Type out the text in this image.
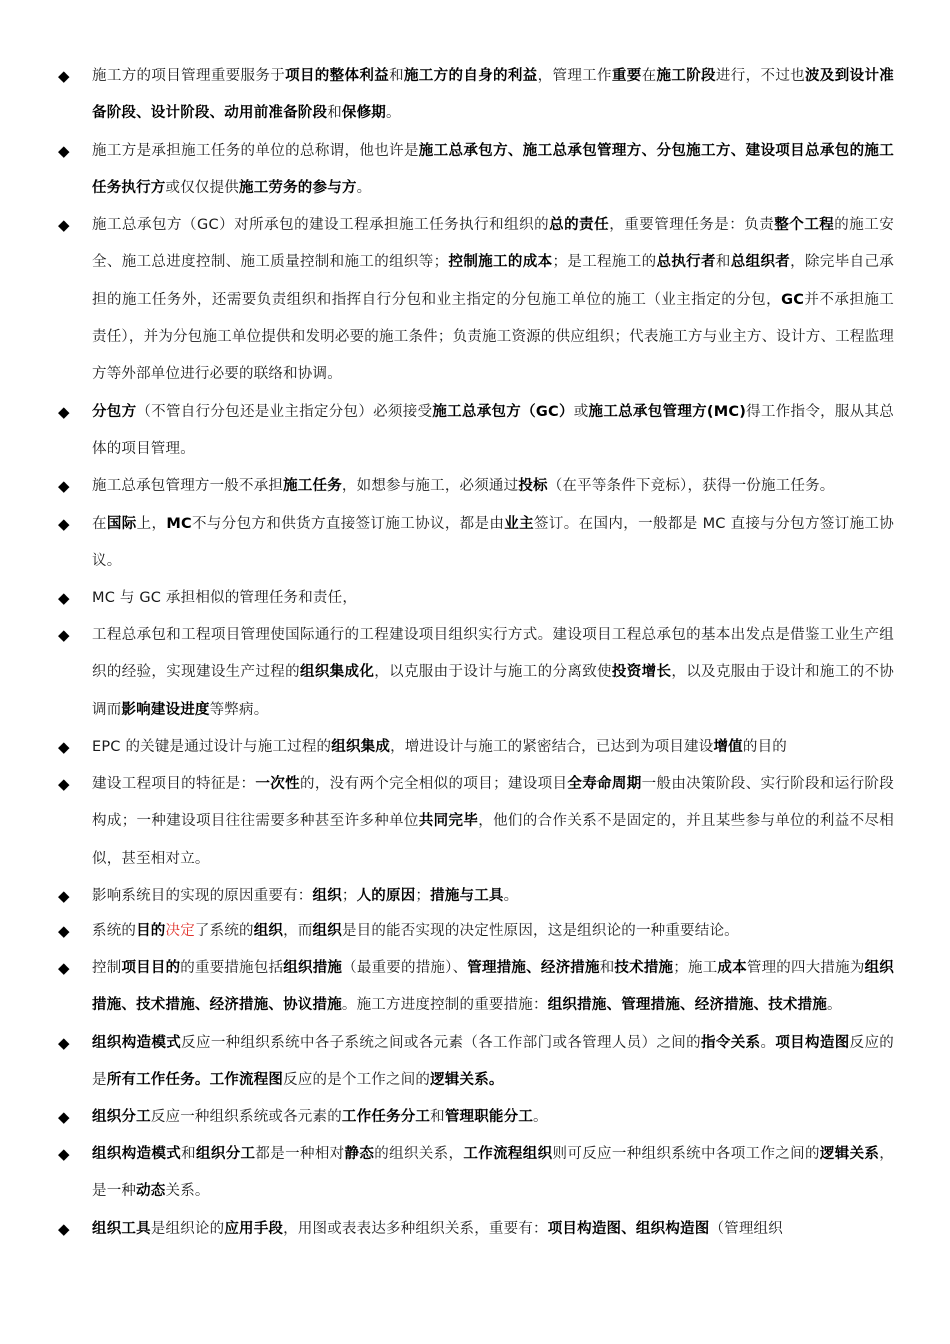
◆ 施工方的项目管理重要服务于项目的整体利益和施工方的自身的利益，管理工作重要在施工阶段进行，不过也波及到设计准备阶段、设计阶段、动用前准备阶段和保修期。
◆ 施工方是承担施工任务的单位的总称谓，他也许是施工总承包方、施工总承包管理方、分包施工方、建设项目总承包的施工任务执行方或仅仅提供施工劳务的参与方。
◆ 施工总承包方（GC）对所承包的建设工程承担施工任务执行和组织的总的责任，重要管理任务是：负责整个工程的施工安全、施工总进度控制、施工质量控制和施工的组织等；控制施工的成本；是工程施工的总执行者和总组织者，除完毕自己承担的施工任务外，还需要负责组织和指挥自行分包和业主指定的分包施工单位的施工（业主指定的分包，GC并不承担施工责任），并为分包施工单位提供和发明必要的施工条件；负责施工资源的供应组织；代表施工方与业主方、设计方、工程监理方等外部单位进行必要的联络和协调。
◆ 分包方（不管自行分包还是业主指定分包）必须接受施工总承包方（GC）或施工总承包管理方(MC)得工作指令，服从其总体的项目管理。
◆ 施工总承包管理方一般不承担施工任务，如想参与施工，必须通过投标（在平等条件下竞标），获得一份施工任务。
◆ 在国际上，MC不与分包方和供货方直接签订施工协议，都是由业主签订。在国内，一般都是 MC 直接与分包方签订施工协议。
◆ MC 与 GC 承担相似的管理任务和责任，
◆ 工程总承包和工程项目管理使国际通行的工程建设项目组织实行方式。建设项目工程总承包的基本出发点是借鉴工业生产组织的经验，实现建设生产过程的组织集成化，以克服由于设计与施工的分离致使投资增长，以及克服由于设计和施工的不协调而影响建设进度等弊病。
◆ EPC 的关键是通过设计与施工过程的组织集成，增进设计与施工的紧密结合，已达到为项目建设增值的目的
◆ 建设工程项目的特征是：一次性的，没有两个完全相似的项目；建设项目全寿命周期一般由决策阶段、实行阶段和运行阶段构成；一种建设项目往往需要多种甚至许多种单位共同完毕，他们的合作关系不是固定的，并且某些参与单位的利益不尽相似，甚至相对立。
◆ 影响系统目的实现的原因重要有：组织；人的原因；措施与工具。
◆ 系统的目的决定了系统的组织，而组织是目的能否实现的决定性原因，这是组织论的一种重要结论。
◆ 控制项目目的的重要措施包括组织措施（最重要的措施）、管理措施、经济措施和技术措施；施工成本管理的四大措施为组织措施、技术措施、经济措施、协议措施。施工方进度控制的重要措施：组织措施、管理措施、经济措施、技术措施。
◆ 组织构造模式反应一种组织系统中各子系统之间或各元素（各工作部门或各管理人员）之间的指令关系。项目构造图反应的是所有工作任务。工作流程图反应的是个工作之间的逻辑关系。
◆ 组织分工反应一种组织系统或各元素的工作任务分工和管理职能分工。
◆ 组织构造模式和组织分工都是一种相对静态的组织关系，工作流程组织则可反应一种组织系统中各项工作之间的逻辑关系，是一种动态关系。
◆ 组织工具是组织论的应用手段，用图或表表达多种组织关系，重要有：项目构造图、组织构造图（管理组织
